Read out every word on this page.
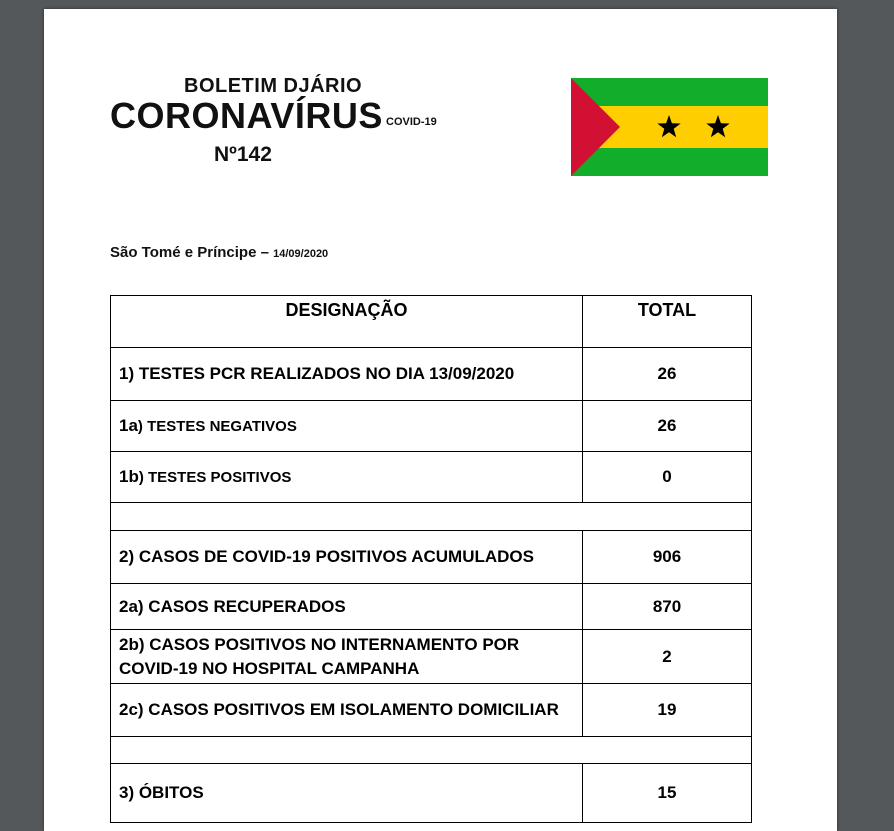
BOLETIM DJÁRIO
CORONAVÍRUS COVID-19
Nº142
São Tomé e Príncipe – 14/09/2020
DESIGNAÇÃO	TOTAL
1) TESTES PCR REALIZADOS NO DIA 13/09/2020	26
1a) TESTES NEGATIVOS	26
1b) TESTES POSITIVOS	0

2) CASOS DE COVID-19 POSITIVOS ACUMULADOS	906
2a) CASOS RECUPERADOS	870
2b) CASOS POSITIVOS NO INTERNAMENTO POR COVID-19 NO HOSPITAL CAMPANHA	2
2c) CASOS POSITIVOS EM ISOLAMENTO DOMICILIAR	19

3) ÓBITOS	15
